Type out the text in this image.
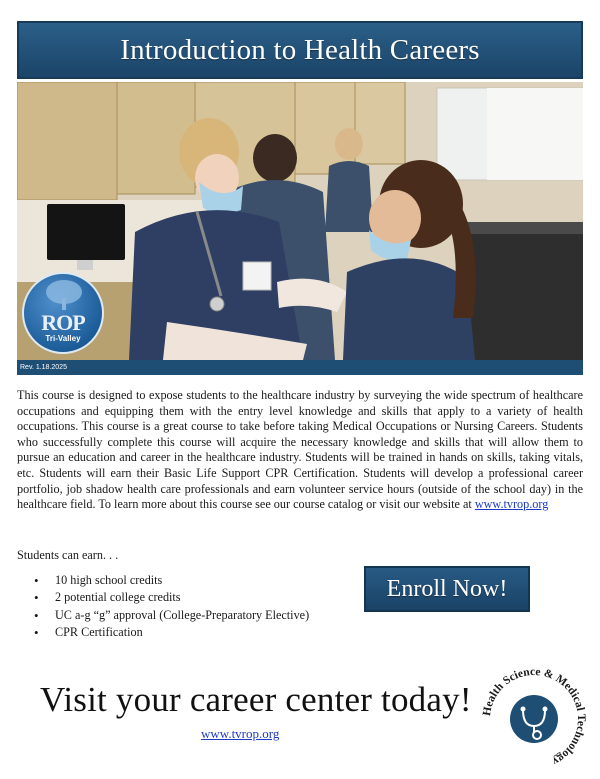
Introduction to Health Careers
ROP
Tri-Valley
Rev. 1.18.2025

This course is designed to expose students to the healthcare industry by surveying the wide spectrum of healthcare occupations and equipping them with the entry level knowledge and skills that apply to a variety of health occupations. This course is a great course to take before taking Medical Occupations or Nursing Careers. Students who successfully complete this course will acquire the necessary knowledge and skills that will allow them to pursue an education and career in the healthcare industry. Students will be trained in hands on skills, taking vitals, etc. Students will earn their Basic Life Support CPR Certification. Students will develop a professional career portfolio, job shadow health care professionals and earn volunteer service hours (outside of the school day) in the healthcare field. To learn more about this course see our course catalog or visit our website at www.tvrop.org

Students can earn. . .

• 10 high school credits
• 2 potential college credits
• UC a-g “g” approval (College-Preparatory Elective)
• CPR Certification
Enroll Now!
Visit your career center today!
www.tvrop.org
Health Science & Medical Technology
